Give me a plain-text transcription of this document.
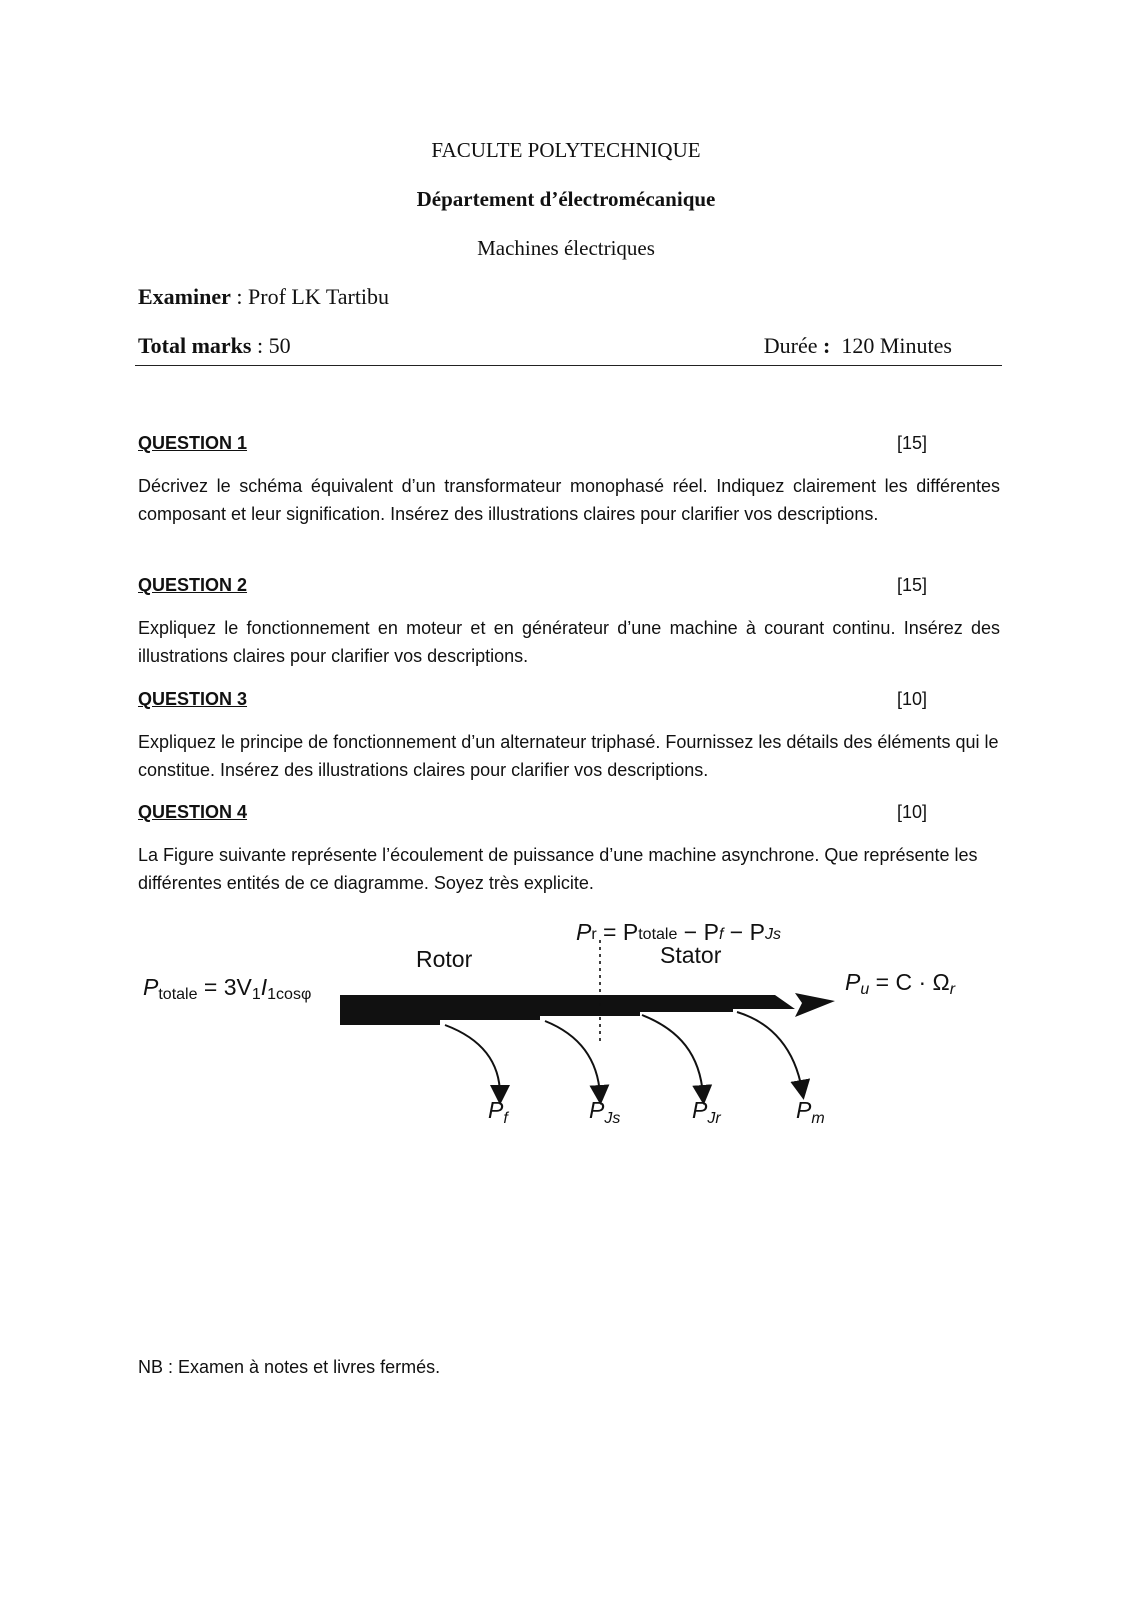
FACULTE POLYTECHNIQUE
Département d’électromécanique
Machines électriques
Examiner : Prof LK Tartibu
Total marks : 50	Durée :  120 Minutes
QUESTION 1	[15]
Décrivez le schéma équivalent d’un transformateur monophasé réel. Indiquez clairement les différentes composant et leur signification. Insérez des illustrations claires pour clarifier vos descriptions.
QUESTION 2	[15]
Expliquez le fonctionnement en moteur et en générateur d’une machine à courant continu. Insérez des illustrations claires pour clarifier vos descriptions.
QUESTION 3	[10]
Expliquez le principe de fonctionnement d’un alternateur triphasé. Fournissez les détails des éléments qui le constitue. Insérez des illustrations claires pour clarifier vos descriptions.
QUESTION 4	[10]
La Figure suivante représente l’écoulement de puissance d’une machine asynchrone. Que représente les différentes entités de ce diagramme. Soyez très explicite.
Rotor	Stator
Ptotale = 3V1I1cosφ
$P_r = P_{totale} - P_f - P_{Js}$
Pu = C · Ωr
$P_f$	$P_{Js}$	$P_{Jr}$	$P_m$
NB : Examen à notes et livres fermés.
